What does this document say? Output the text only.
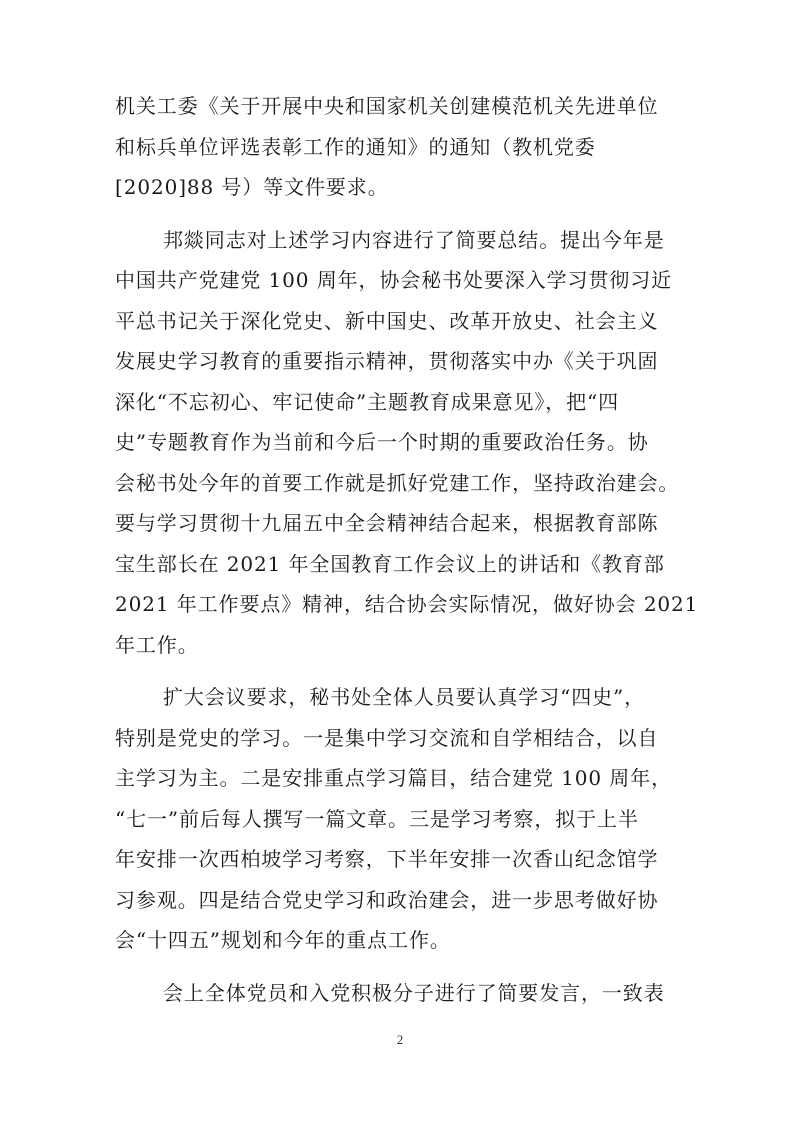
机关工委《关于开展中央和国家机关创建模范机关先进单位
和标兵单位评选表彰工作的通知》的通知（教机党委
[2020]88 号）等文件要求。
邦燚同志对上述学习内容进行了简要总结。提出今年是
中国共产党建党 100 周年，协会秘书处要深入学习贯彻习近
平总书记关于深化党史、新中国史、改革开放史、社会主义
发展史学习教育的重要指示精神，贯彻落实中办《关于巩固
深化“不忘初心、牢记使命”主题教育成果意见》，把“四
史”专题教育作为当前和今后一个时期的重要政治任务。协
会秘书处今年的首要工作就是抓好党建工作，坚持政治建会。
要与学习贯彻十九届五中全会精神结合起来，根据教育部陈
宝生部长在 2021 年全国教育工作会议上的讲话和《教育部
2021 年工作要点》精神，结合协会实际情况，做好协会 2021
年工作。
扩大会议要求，秘书处全体人员要认真学习“四史”，
特别是党史的学习。一是集中学习交流和自学相结合，以自
主学习为主。二是安排重点学习篇目，结合建党 100 周年，
“七一”前后每人撰写一篇文章。三是学习考察，拟于上半
年安排一次西柏坡学习考察，下半年安排一次香山纪念馆学
习参观。四是结合党史学习和政治建会，进一步思考做好协
会“十四五”规划和今年的重点工作。
会上全体党员和入党积极分子进行了简要发言，一致表
2
